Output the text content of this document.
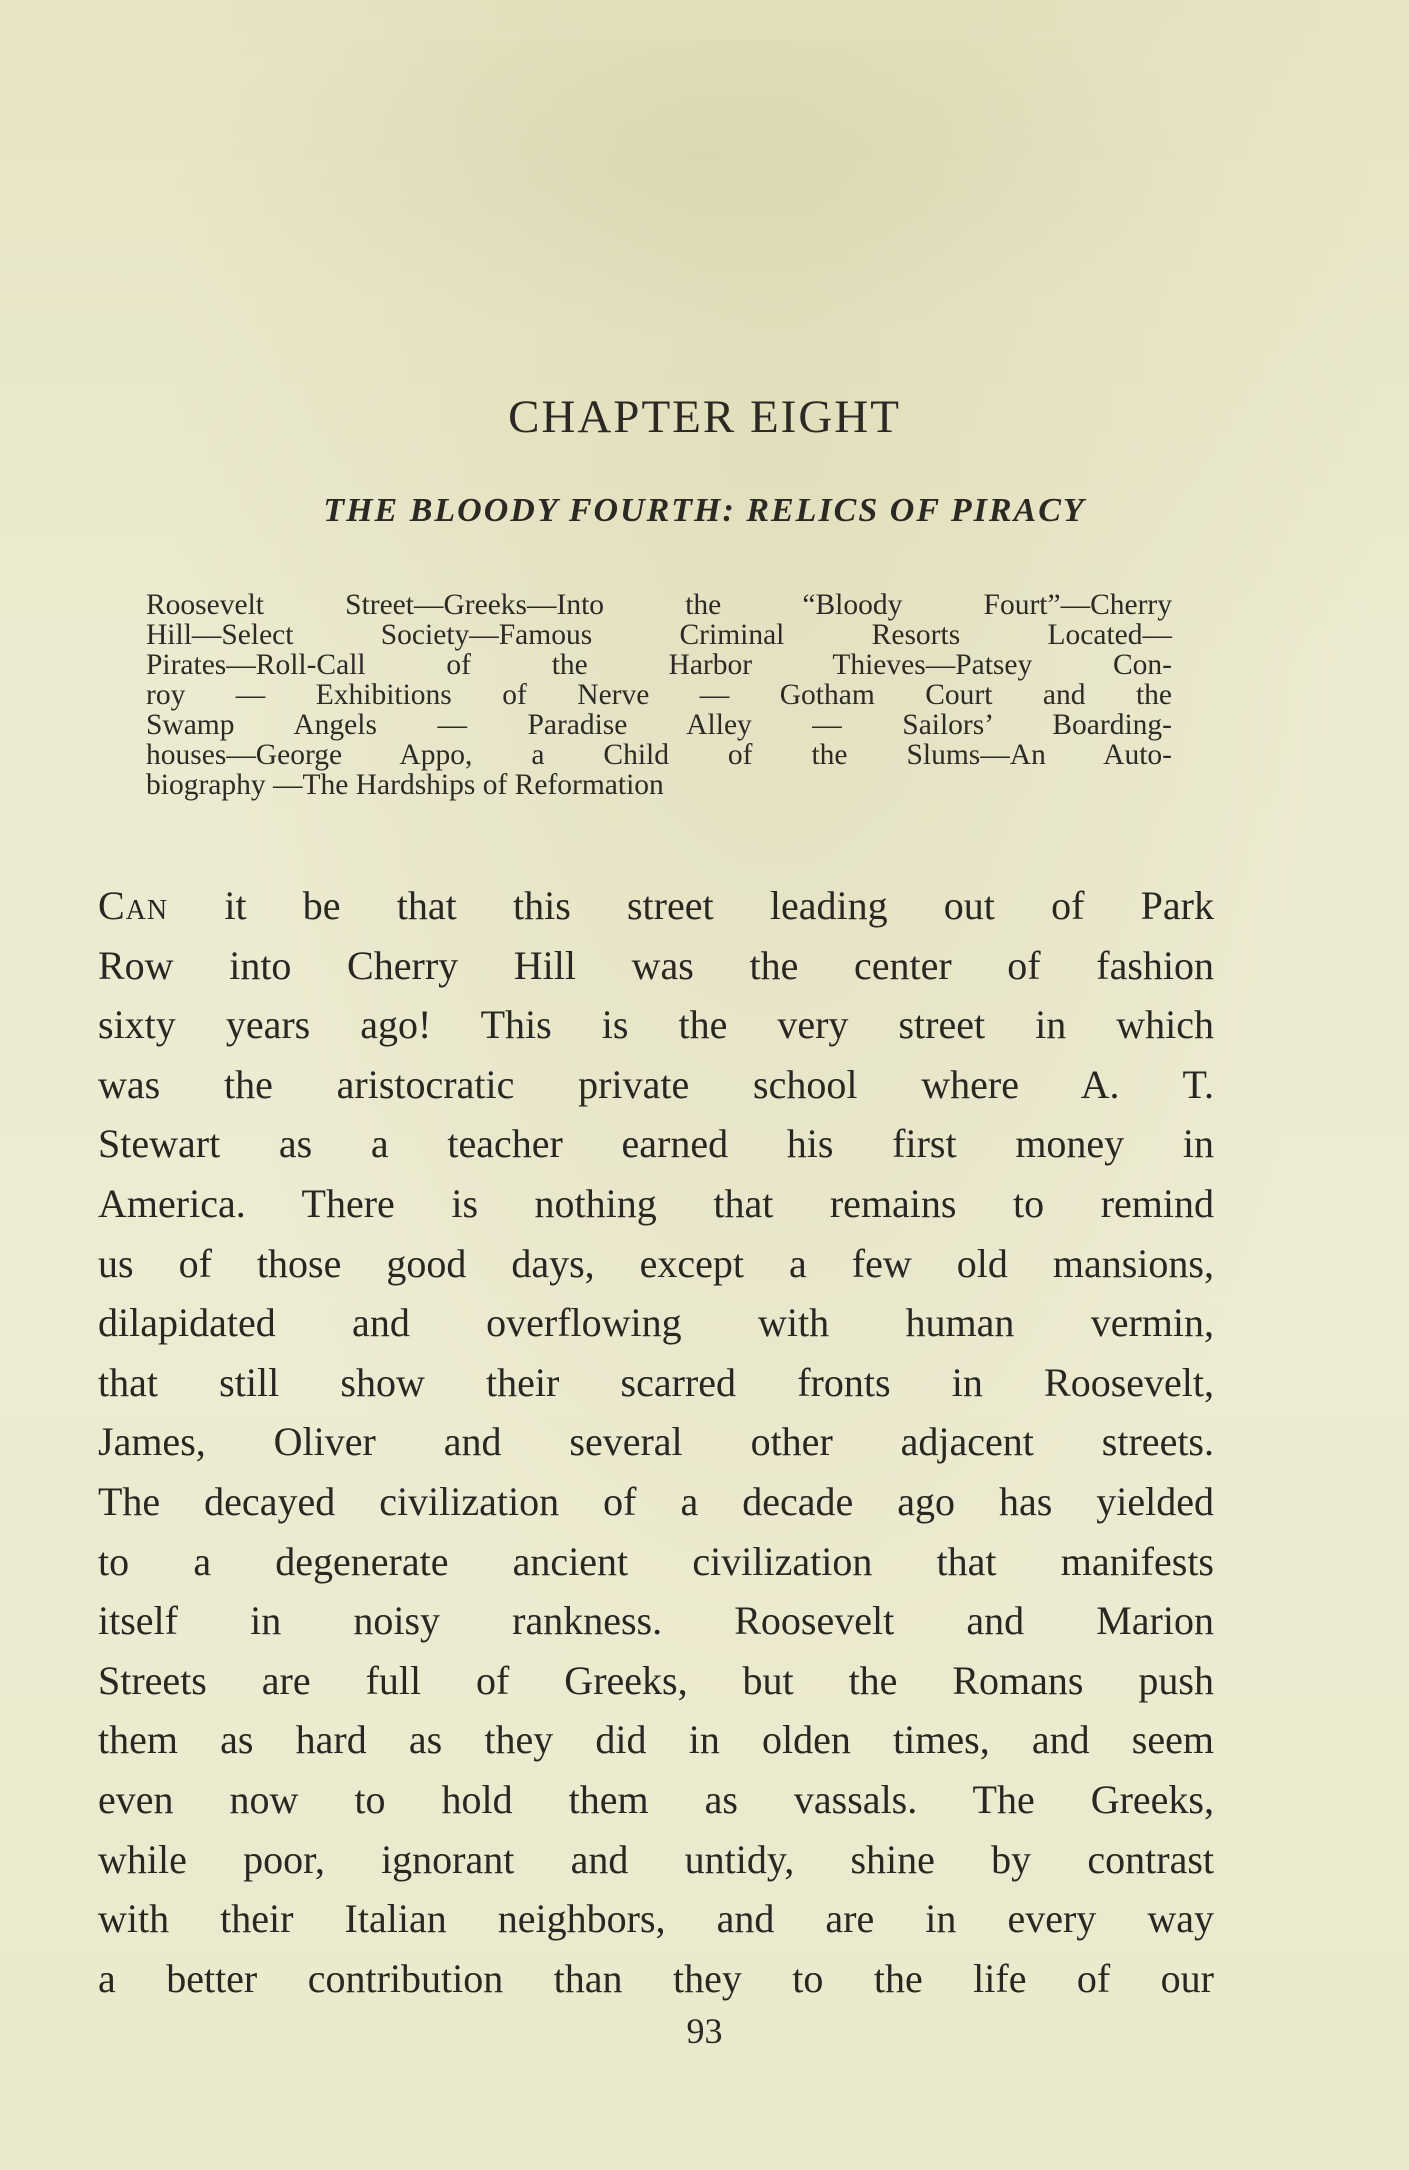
CHAPTER EIGHT
THE BLOODY FOURTH: RELICS OF PIRACY
Roosevelt Street—Greeks—Into the “Bloody Fourt”—Cherry
Hill—Select Society—Famous Criminal Resorts Located—
Pirates—Roll-Call of the Harbor Thieves—Patsey Con-
roy — Exhibitions of Nerve — Gotham Court and the
Swamp Angels — Paradise Alley — Sailors’ Boarding-
houses—George Appo, a Child of the Slums—An Auto-
biography —The Hardships of Reformation
Can it be that this street leading out of Park
Row into Cherry Hill was the center of fashion
sixty years ago! This is the very street in which
was the aristocratic private school where A. T.
Stewart as a teacher earned his first money in
America. There is nothing that remains to remind
us of those good days, except a few old mansions,
dilapidated and overflowing with human vermin,
that still show their scarred fronts in Roosevelt,
James, Oliver and several other adjacent streets.
The decayed civilization of a decade ago has yielded
to a degenerate ancient civilization that manifests
itself in noisy rankness. Roosevelt and Marion
Streets are full of Greeks, but the Romans push
them as hard as they did in olden times, and seem
even now to hold them as vassals. The Greeks,
while poor, ignorant and untidy, shine by contrast
with their Italian neighbors, and are in every way
a better contribution than they to the life of our
93
